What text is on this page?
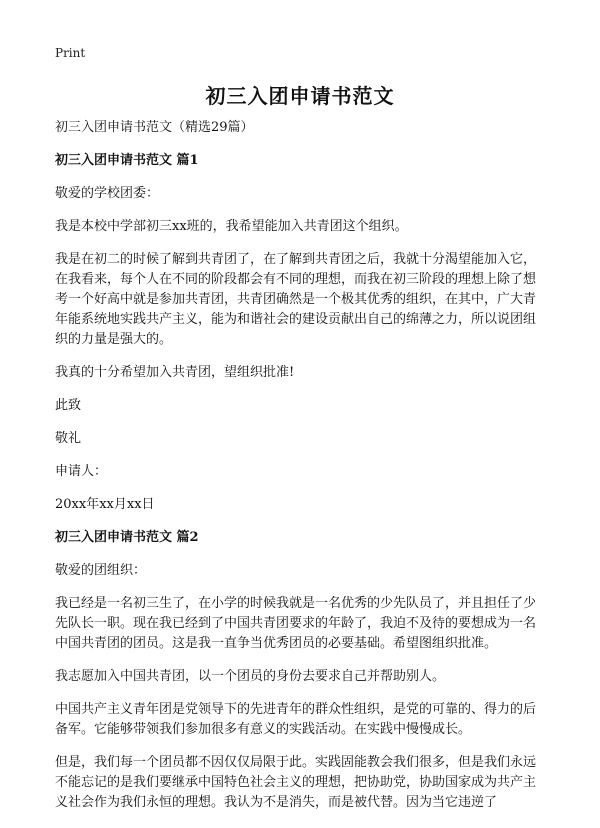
Print
初三入团申请书范文

初三入团申请书范文（精选29篇）

初三入团申请书范文 篇1

敬爱的学校团委：

我是本校中学部初三xx班的，我希望能加入共青团这个组织。

我是在初二的时候了解到共青团了，在了解到共青团之后，我就十分渴望能加入它，在我看来，每个人在不同的阶段都会有不同的理想，而我在初三阶段的理想上除了想考一个好高中就是参加共青团，共青团确然是一个极其优秀的组织，在其中，广大青年能系统地实践共产主义，能为和谐社会的建设贡献出自己的绵薄之力，所以说团组织的力量是强大的。

我真的十分希望加入共青团，望组织批准!

此致

敬礼

申请人：

20xx年xx月xx日

初三入团申请书范文 篇2

敬爱的团组织：

我已经是一名初三生了，在小学的时候我就是一名优秀的少先队员了，并且担任了少先队长一职。现在我已经到了中国共青团要求的年龄了，我迫不及待的要想成为一名中国共青团的团员。这是我一直争当优秀团员的必要基础。希望图组织批准。

我志愿加入中国共青团，以一个团员的身份去要求自己并帮助别人。

中国共产主义青年团是党领导下的先进青年的群众性组织，是党的可靠的、得力的后备军。它能够带领我们参加很多有意义的实践活动。在实践中慢慢成长。

但是，我们每一个团员都不因仅仅局限于此。实践固能教会我们很多，但是我们永远不能忘记的是我们要继承中国特色社会主义的理想，把协助党，协助国家成为共产主义社会作为我们永恒的理想。我认为不是消失，而是被代替。因为当它违逆了
